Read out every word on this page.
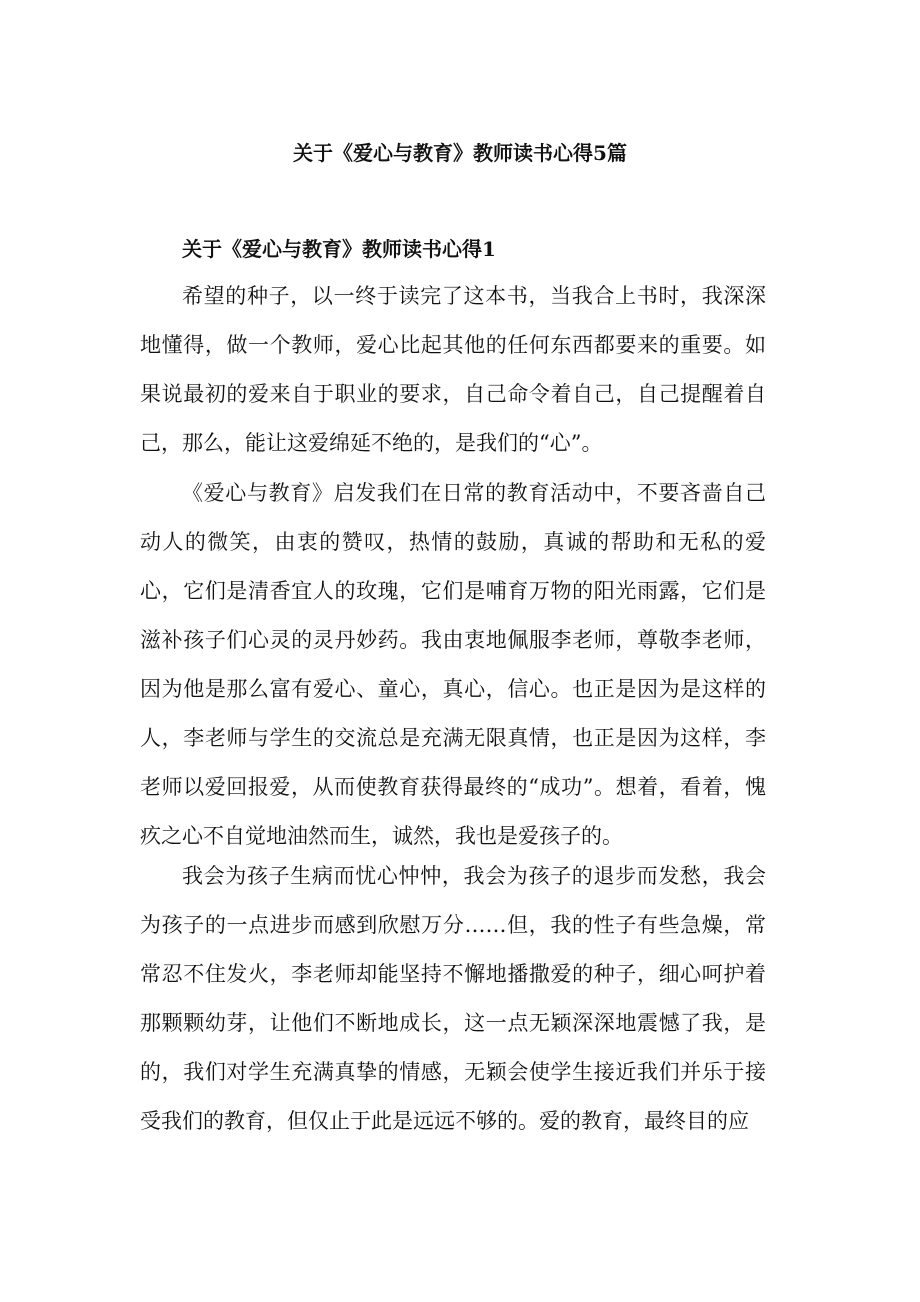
关于《爱心与教育》教师读书心得5篇
关于《爱心与教育》教师读书心得1

希望的种子，以一终于读完了这本书，当我合上书时，我深深地懂得，做一个教师，爱心比起其他的任何东西都要来的重要。如果说最初的爱来自于职业的要求，自己命令着自己，自己提醒着自己，那么，能让这爱绵延不绝的，是我们的“心”。

《爱心与教育》启发我们在日常的教育活动中，不要吝啬自己动人的微笑，由衷的赞叹，热情的鼓励，真诚的帮助和无私的爱心，它们是清香宜人的玫瑰，它们是哺育万物的阳光雨露，它们是滋补孩子们心灵的灵丹妙药。我由衷地佩服李老师，尊敬李老师，因为他是那么富有爱心、童心，真心，信心。也正是因为是这样的人，李老师与学生的交流总是充满无限真情，也正是因为这样，李老师以爱回报爱，从而使教育获得最终的“成功”。想着，看着，愧疚之心不自觉地油然而生，诚然，我也是爱孩子的。

我会为孩子生病而忧心忡忡，我会为孩子的退步而发愁，我会为孩子的一点进步而感到欣慰万分……但，我的性子有些急燥，常常忍不住发火，李老师却能坚持不懈地播撒爱的种子，细心呵护着那颗颗幼芽，让他们不断地成长，这一点无颖深深地震憾了我，是的，我们对学生充满真挚的情感，无颖会使学生接近我们并乐于接受我们的教育，但仅止于此是远远不够的。爱的教育，最终目的应
